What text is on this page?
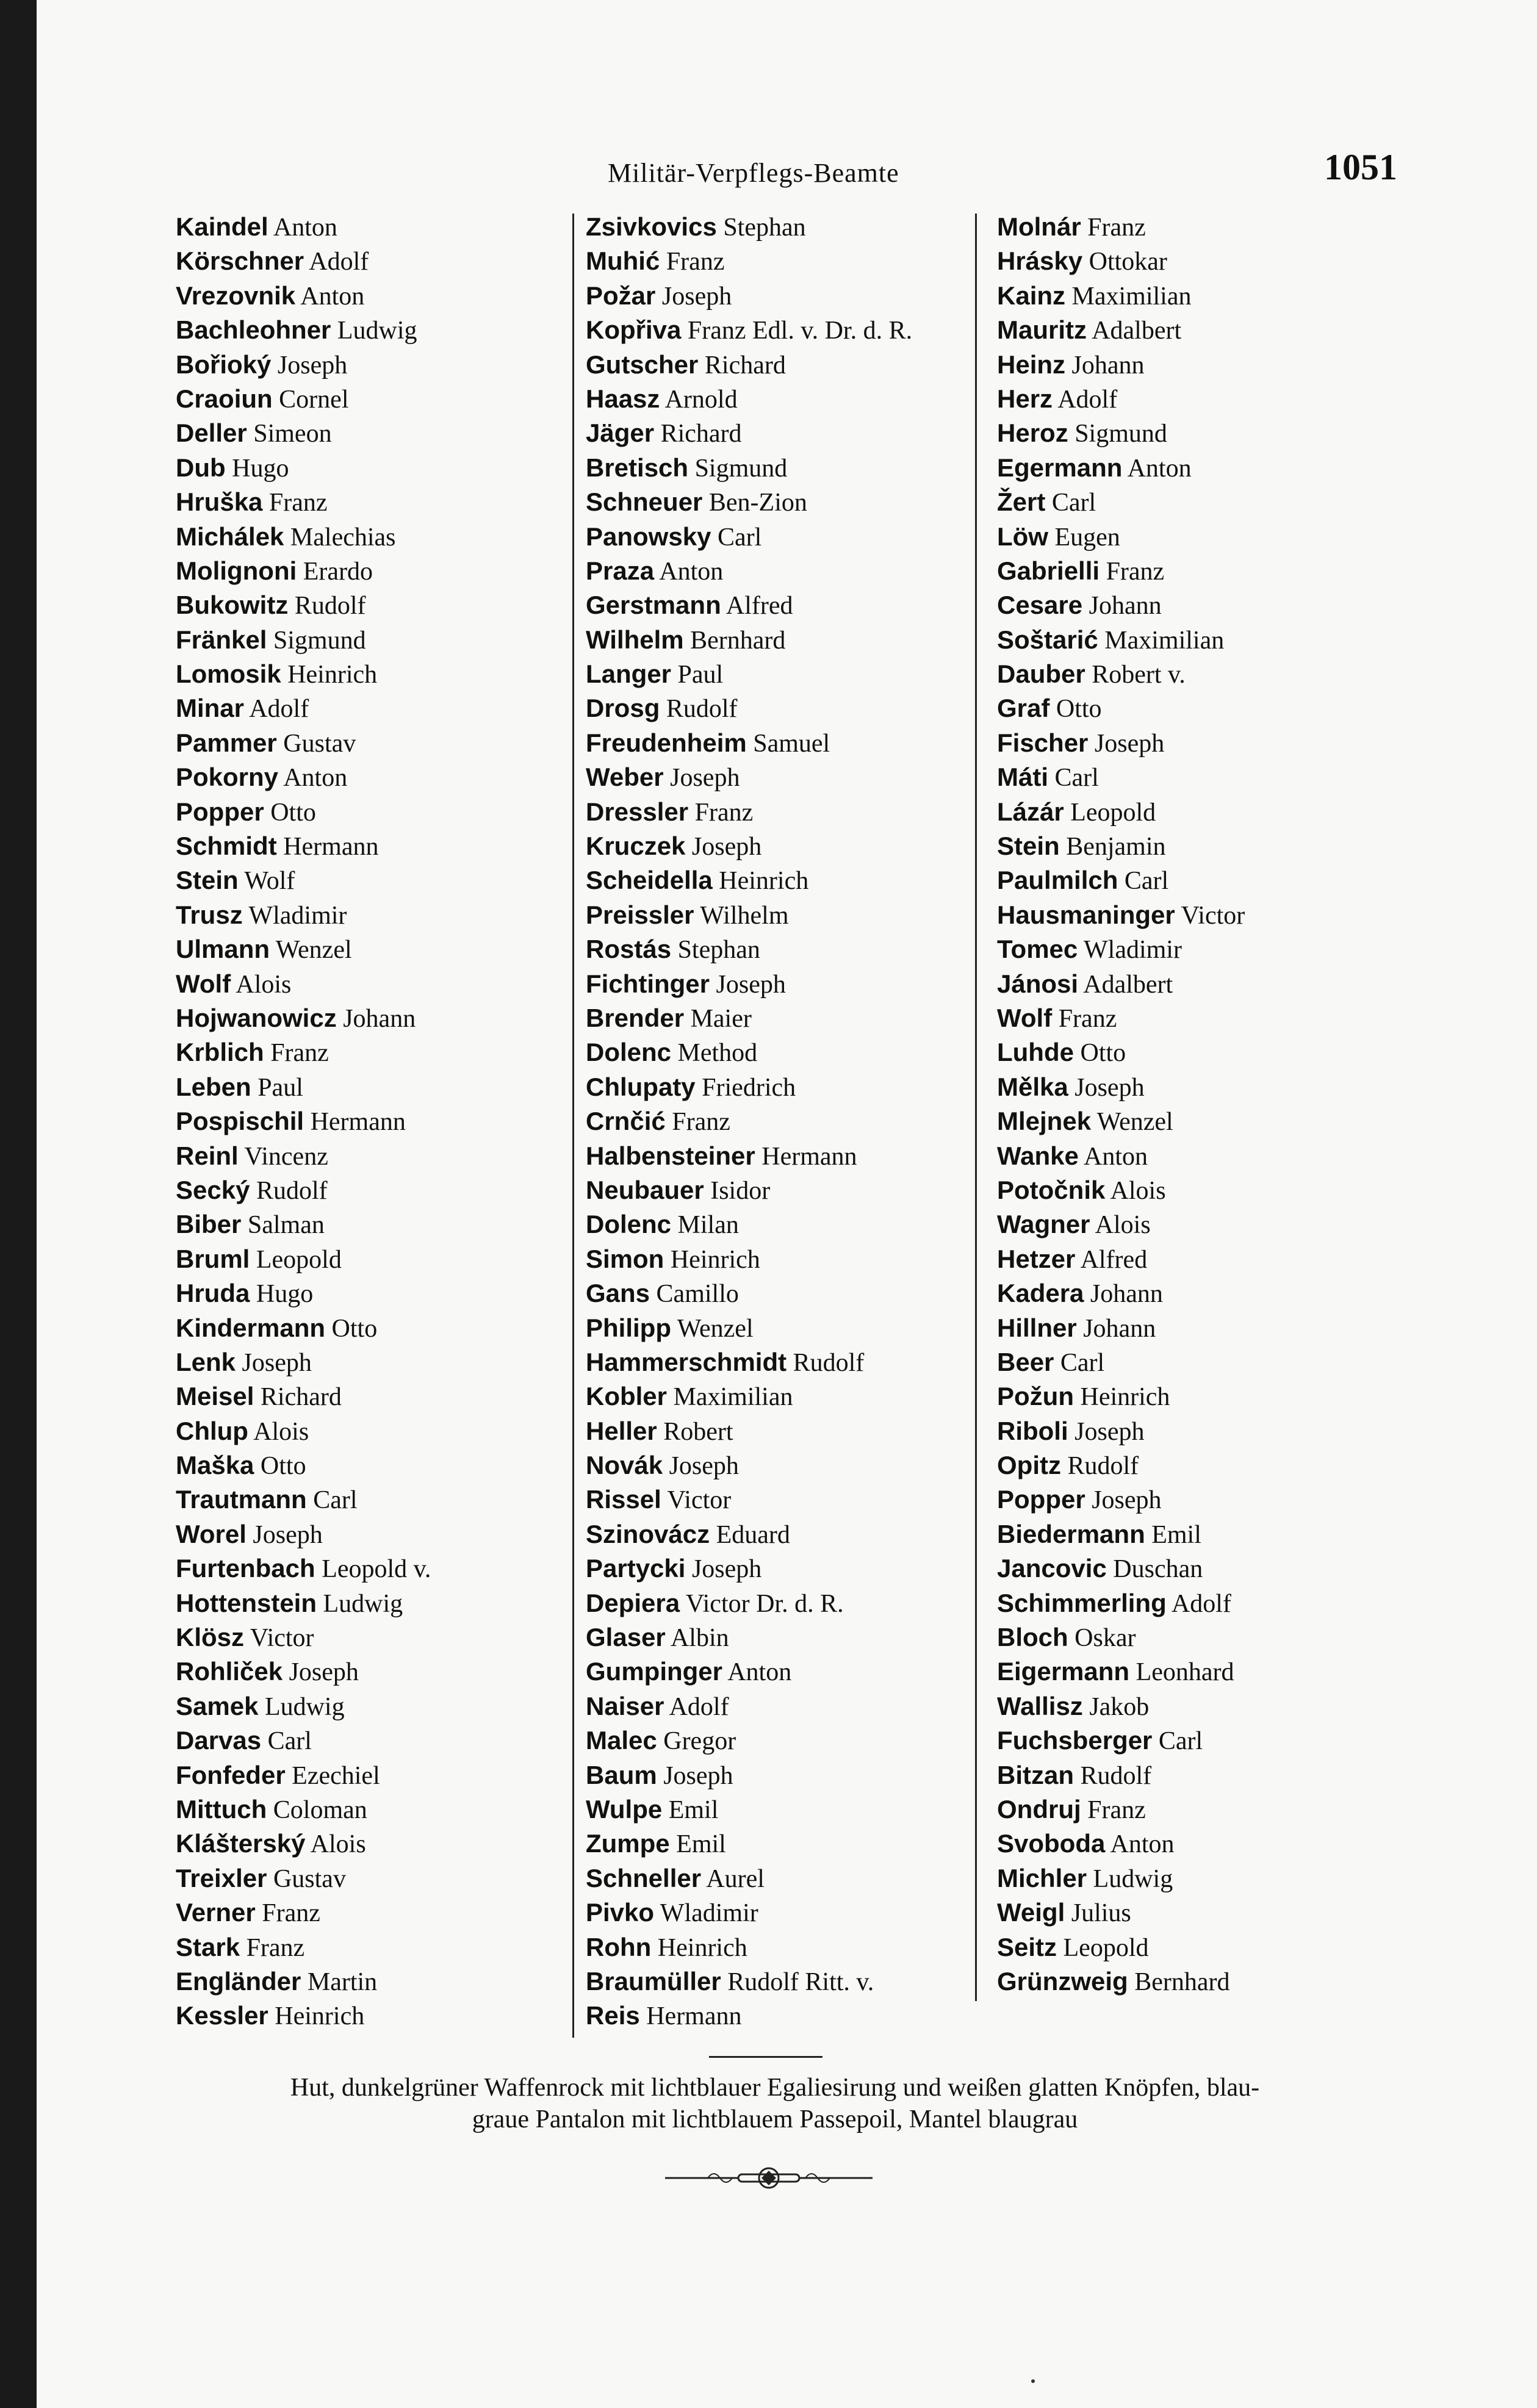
Militär-Verpflegs-Beamte	1051
Kaindel Anton
Körschner Adolf
Vrezovnik Anton
Bachleohner Ludwig
Bořioký Joseph
Craoiun Cornel
Deller Simeon
Dub Hugo
Hruška Franz
Michálek Malechias
Molignoni Erardo
Bukowitz Rudolf
Fränkel Sigmund
Lomosik Heinrich
Minar Adolf
Pammer Gustav
Pokorny Anton
Popper Otto
Schmidt Hermann
Stein Wolf
Trusz Wladimir
Ulmann Wenzel
Wolf Alois
Hojwanowicz Johann
Krblich Franz
Leben Paul
Pospischil Hermann
Reinl Vincenz
Secký Rudolf
Biber Salman
Bruml Leopold
Hruda Hugo
Kindermann Otto
Lenk Joseph
Meisel Richard
Chlup Alois
Maška Otto
Trautmann Carl
Worel Joseph
Furtenbach Leopold v.
Hottenstein Ludwig
Klösz Victor
Rohliček Joseph
Samek Ludwig
Darvas Carl
Fonfeder Ezechiel
Mittuch Coloman
Klášterský Alois
Treixler Gustav
Verner Franz
Stark Franz
Engländer Martin
Kessler Heinrich
Zsivkovics Stephan
Muhić Franz
Požar Joseph
Kopřiva Franz Edl. v. Dr. d. R.
Gutscher Richard
Haasz Arnold
Jäger Richard
Bretisch Sigmund
Schneuer Ben-Zion
Panowsky Carl
Praza Anton
Gerstmann Alfred
Wilhelm Bernhard
Langer Paul
Drosg Rudolf
Freudenheim Samuel
Weber Joseph
Dressler Franz
Kruczek Joseph
Scheidella Heinrich
Preissler Wilhelm
Rostás Stephan
Fichtinger Joseph
Brender Maier
Dolenc Method
Chlupaty Friedrich
Crnčić Franz
Halbensteiner Hermann
Neubauer Isidor
Dolenc Milan
Simon Heinrich
Gans Camillo
Philipp Wenzel
Hammerschmidt Rudolf
Kobler Maximilian
Heller Robert
Novák Joseph
Rissel Victor
Szinovácz Eduard
Partycki Joseph
Depiera Victor Dr. d. R.
Glaser Albin
Gumpinger Anton
Naiser Adolf
Malec Gregor
Baum Joseph
Wulpe Emil
Zumpe Emil
Schneller Aurel
Pivko Wladimir
Rohn Heinrich
Braumüller Rudolf Ritt. v.
Reis Hermann
Molnár Franz
Hrásky Ottokar
Kainz Maximilian
Mauritz Adalbert
Heinz Johann
Herz Adolf
Heroz Sigmund
Egermann Anton
Žert Carl
Löw Eugen
Gabrielli Franz
Cesare Johann
Soštarić Maximilian
Dauber Robert v.
Graf Otto
Fischer Joseph
Máti Carl
Lázár Leopold
Stein Benjamin
Paulmilch Carl
Hausmaninger Victor
Tomec Wladimir
Jánosi Adalbert
Wolf Franz
Luhde Otto
Mělka Joseph
Mlejnek Wenzel
Wanke Anton
Potočnik Alois
Wagner Alois
Hetzer Alfred
Kadera Johann
Hillner Johann
Beer Carl
Požun Heinrich
Riboli Joseph
Opitz Rudolf
Popper Joseph
Biedermann Emil
Jancovic Duschan
Schimmerling Adolf
Bloch Oskar
Eigermann Leonhard
Wallisz Jakob
Fuchsberger Carl
Bitzan Rudolf
Ondruj Franz
Svoboda Anton
Michler Ludwig
Weigl Julius
Seitz Leopold
Grünzweig Bernhard
Hut, dunkelgrüner Waffenrock mit lichtblauer Egaliesirung und weißen glatten Knöpfen, blau-
graue Pantalon mit lichtblauem Passepoil, Mantel blaugrau
